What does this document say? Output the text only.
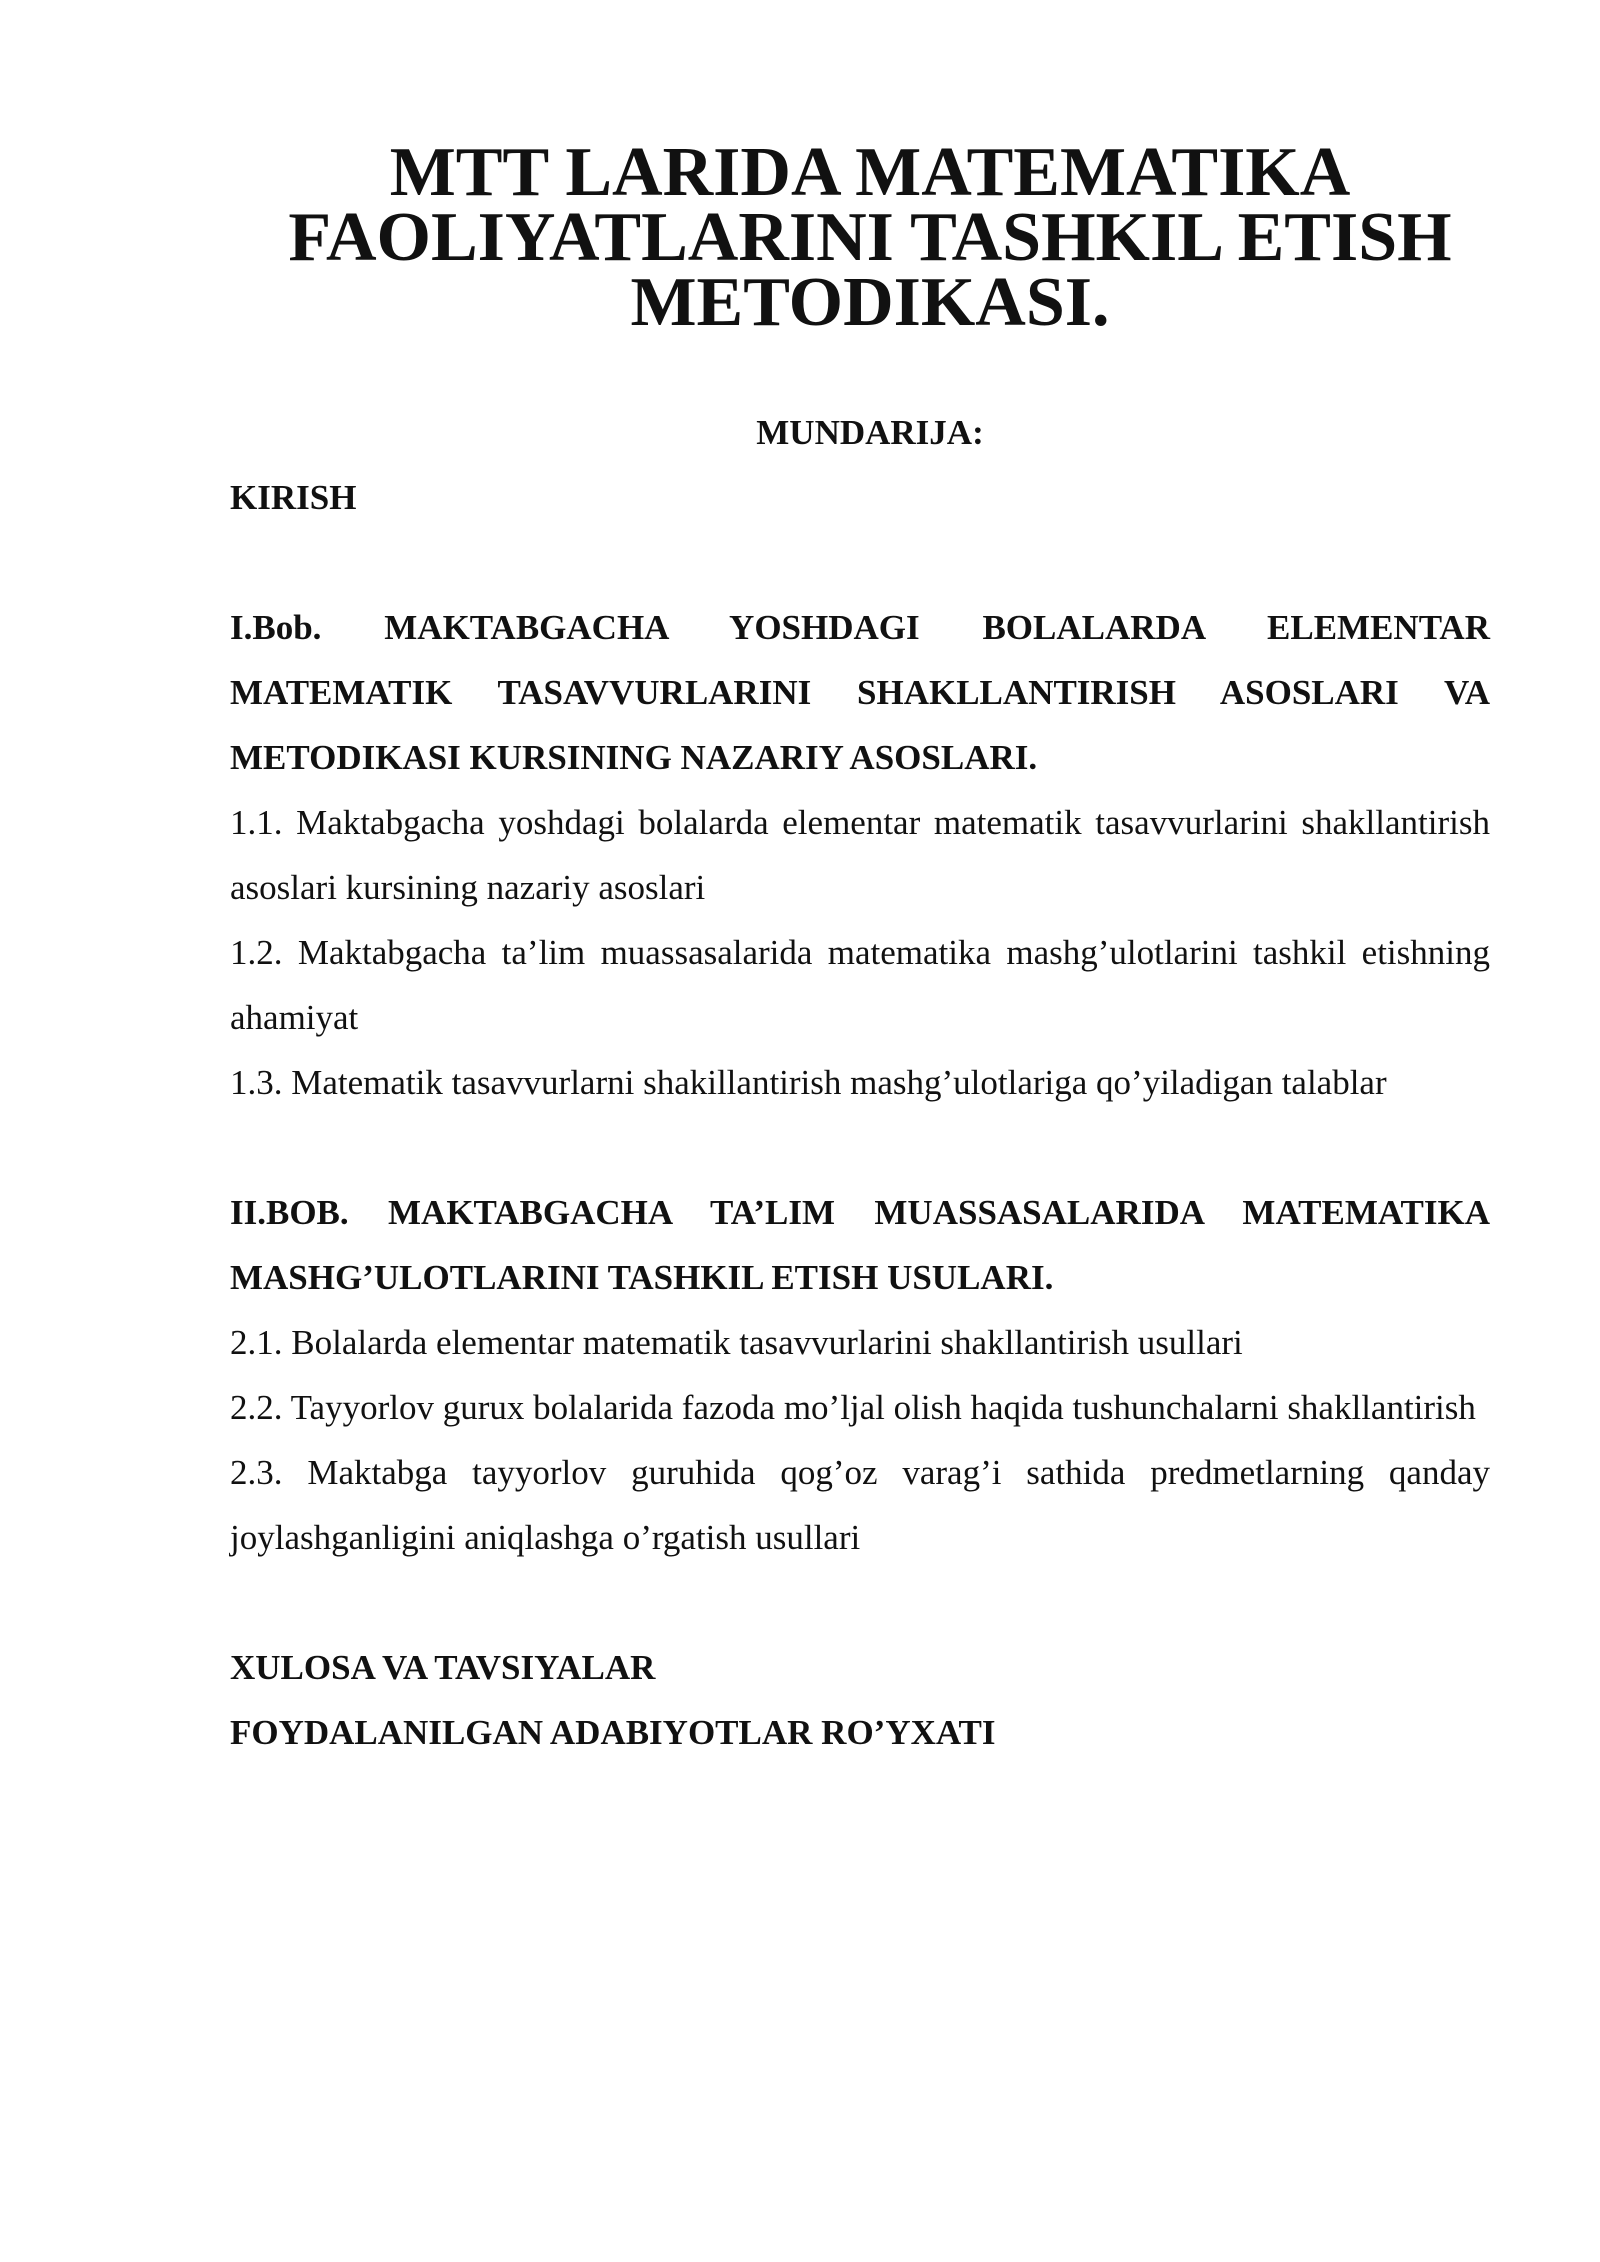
MTT LARIDA MATEMATIKA FAOLIYATLARINI TASHKIL ETISH
METODIKASI.

MUNDARIJA:

KIRISH

I.Bob. MAKTABGACHA YOSHDAGI BOLALARDA ELEMENTAR MATEMATIK TASAVVURLARINI SHAKLLANTIRISH ASOSLARI VA METODIKASI KURSINING NAZARIY ASOSLARI.

1.1. Maktabgacha yoshdagi bolalarda elementar matematik tasavvurlarini shakllantirish asoslari kursining nazariy asoslari

1.2. Maktabgacha ta’lim muassasalarida matematika mashg’ulotlarini tashkil etishning ahamiyat

1.3. Matematik tasavvurlarni shakillantirish mashg’ulotlariga qo’yiladigan talablar

II.BOB. MAKTABGACHA TA’LIM MUASSASALARIDA MATEMATIKA MASHG’ULOTLARINI TASHKIL ETISH USULARI.

2.1. Bolalarda elementar matematik tasavvurlarini shakllantirish usullari

2.2. Tayyorlov gurux bolalarida fazoda mo’ljal olish haqida tushunchalarni shakllantirish

2.3. Maktabga tayyorlov guruhida qog’oz varag’i sathida predmetlarning qanday joylashganligini aniqlashga o’rgatish usullari

XULOSA VA TAVSIYALAR

FOYDALANILGAN ADABIYOTLAR RO’YXATI
